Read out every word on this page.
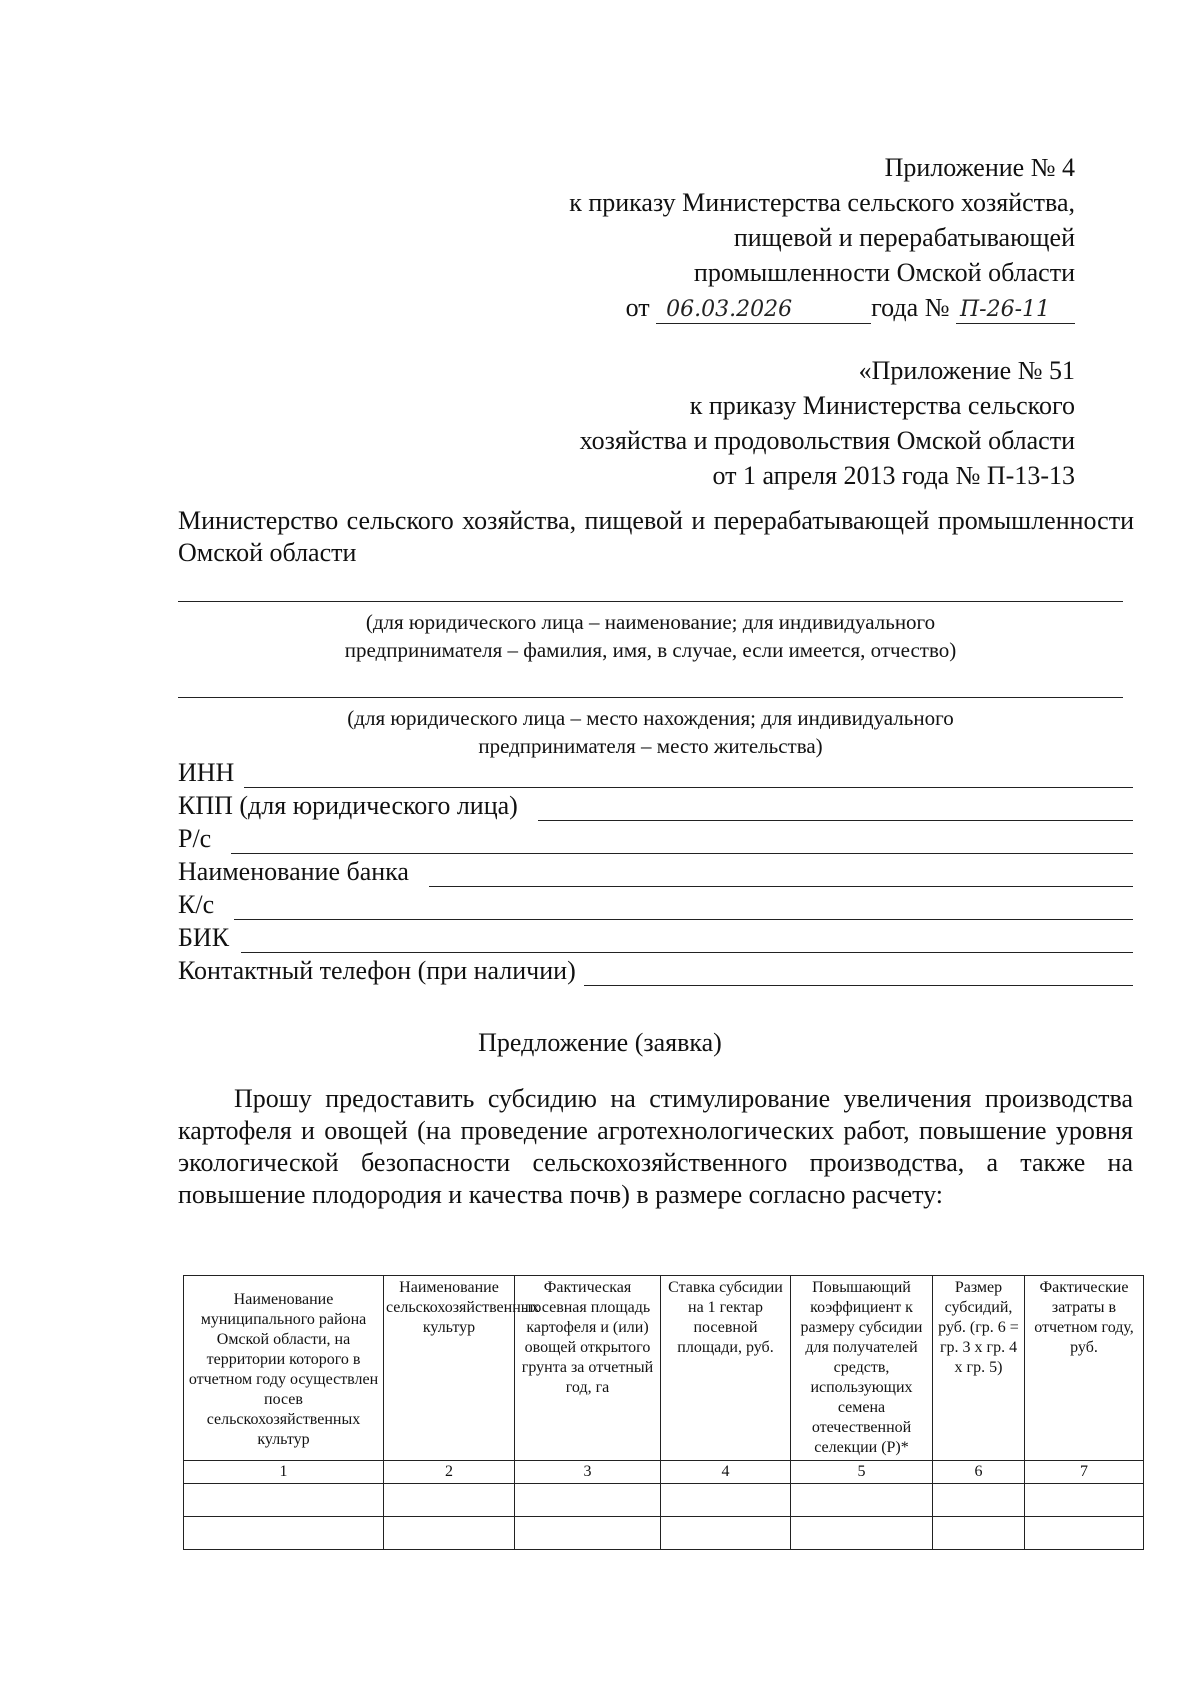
Приложение № 4
к приказу Министерства сельского хозяйства,
пищевой и перерабатывающей
промышленности Омской области
от 06.03.2026	года № П-26-11
«Приложение № 51
к приказу Министерства сельского
хозяйства и продовольствия Омской области
от 1 апреля 2013 года № П-13-13
Министерство сельского хозяйства, пищевой и перерабатывающей промышленности Омской области
(для юридического лица – наименование; для индивидуального
предпринимателя – фамилия, имя, в случае, если имеется, отчество)
(для юридического лица – место нахождения; для индивидуального
предпринимателя – место жительства)
ИНН
КПП (для юридического лица)
Р/с
Наименование банка
К/с
БИК
Контактный телефон (при наличии)
Предложение (заявка)
Прошу предоставить субсидию на стимулирование увеличения производства картофеля и овощей (на проведение агротехнологических работ, повышение уровня экологической безопасности сельскохозяйственного производства, а также на повышение плодородия и качества почв) в размере согласно расчету:
Наименование муниципального района Омской области, на территории которого в отчетном году осуществлен посев сельскохозяйственных культур	Наименование сельскохозяйственных культур	Фактическая посевная площадь картофеля и (или) овощей открытого грунта за отчетный год, га	Ставка субсидии на 1 гектар посевной площади, руб.	Повышающий коэффициент к размеру субсидии для получателей средств, использующих семена отечественной селекции (Р)*	Размер субсидий, руб. (гр. 6 = гр. 3 х гр. 4 х гр. 5)	Фактические затраты в отчетном году, руб.
1	2	3	4	5	6	7
